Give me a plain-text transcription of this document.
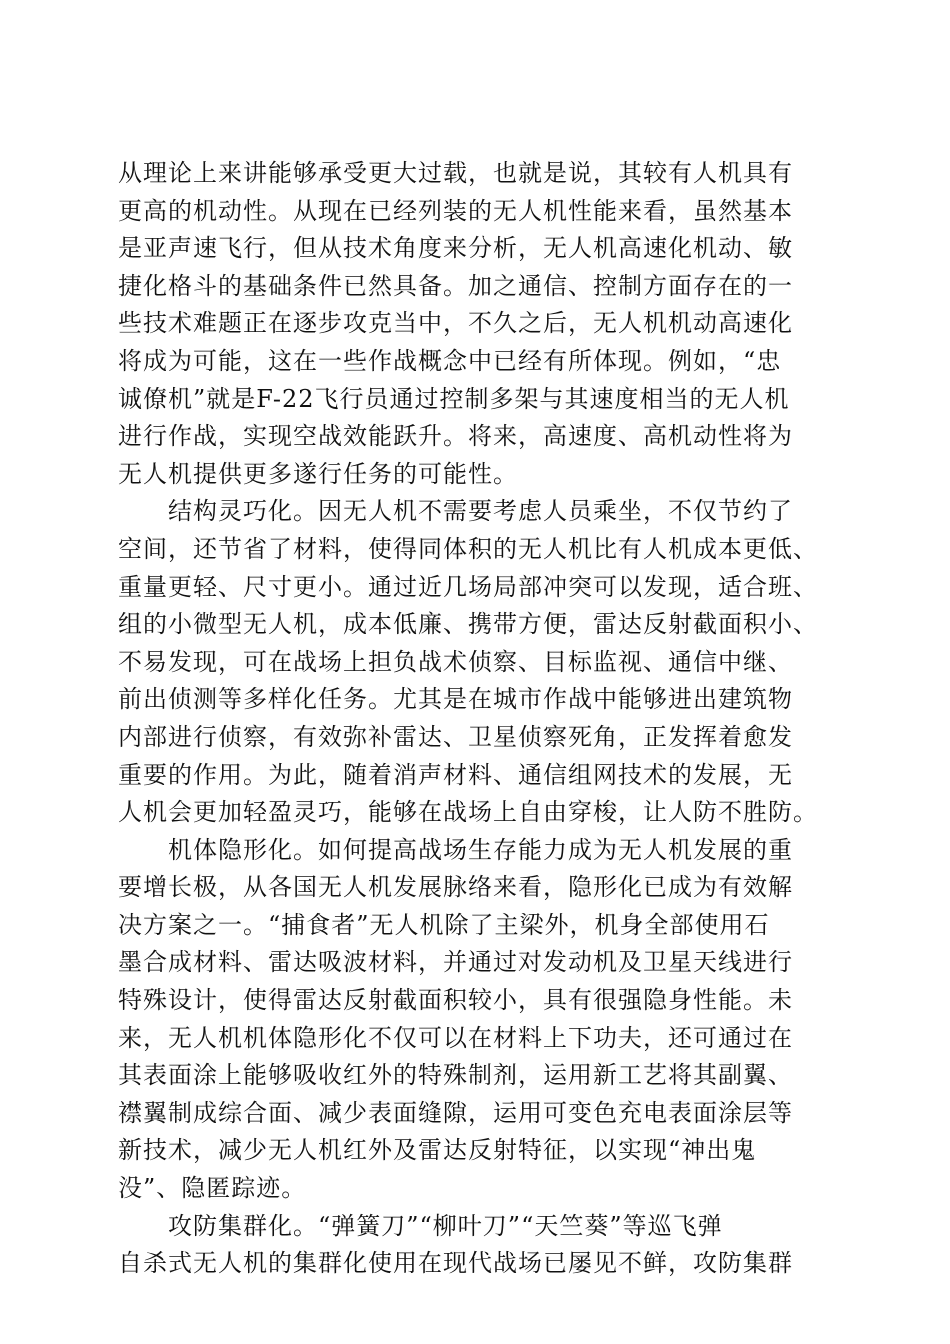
从理论上来讲能够承受更大过载，也就是说，其较有人机具有
更高的机动性。从现在已经列装的无人机性能来看，虽然基本
是亚声速飞行，但从技术角度来分析，无人机高速化机动、敏
捷化格斗的基础条件已然具备。加之通信、控制方面存在的一
些技术难题正在逐步攻克当中，不久之后，无人机机动高速化
将成为可能，这在一些作战概念中已经有所体现。例如，“忠
诚僚机”就是F-22飞行员通过控制多架与其速度相当的无人机
进行作战，实现空战效能跃升。将来，高速度、高机动性将为
无人机提供更多遂行任务的可能性。
结构灵巧化。因无人机不需要考虑人员乘坐，不仅节约了
空间，还节省了材料，使得同体积的无人机比有人机成本更低、
重量更轻、尺寸更小。通过近几场局部冲突可以发现，适合班、
组的小微型无人机，成本低廉、携带方便，雷达反射截面积小、
不易发现，可在战场上担负战术侦察、目标监视、通信中继、
前出侦测等多样化任务。尤其是在城市作战中能够进出建筑物
内部进行侦察，有效弥补雷达、卫星侦察死角，正发挥着愈发
重要的作用。为此，随着消声材料、通信组网技术的发展，无
人机会更加轻盈灵巧，能够在战场上自由穿梭，让人防不胜防。
机体隐形化。如何提高战场生存能力成为无人机发展的重
要增长极，从各国无人机发展脉络来看，隐形化已成为有效解
决方案之一。“捕食者”无人机除了主梁外，机身全部使用石
墨合成材料、雷达吸波材料，并通过对发动机及卫星天线进行
特殊设计，使得雷达反射截面积较小，具有很强隐身性能。未
来，无人机机体隐形化不仅可以在材料上下功夫，还可通过在
其表面涂上能够吸收红外的特殊制剂，运用新工艺将其副翼、
襟翼制成综合面、减少表面缝隙，运用可变色充电表面涂层等
新技术，减少无人机红外及雷达反射特征，以实现“神出鬼
没”、隐匿踪迹。
攻防集群化。“弹簧刀”“柳叶刀”“天竺葵”等巡飞弹
自杀式无人机的集群化使用在现代战场已屡见不鲜，攻防集群
